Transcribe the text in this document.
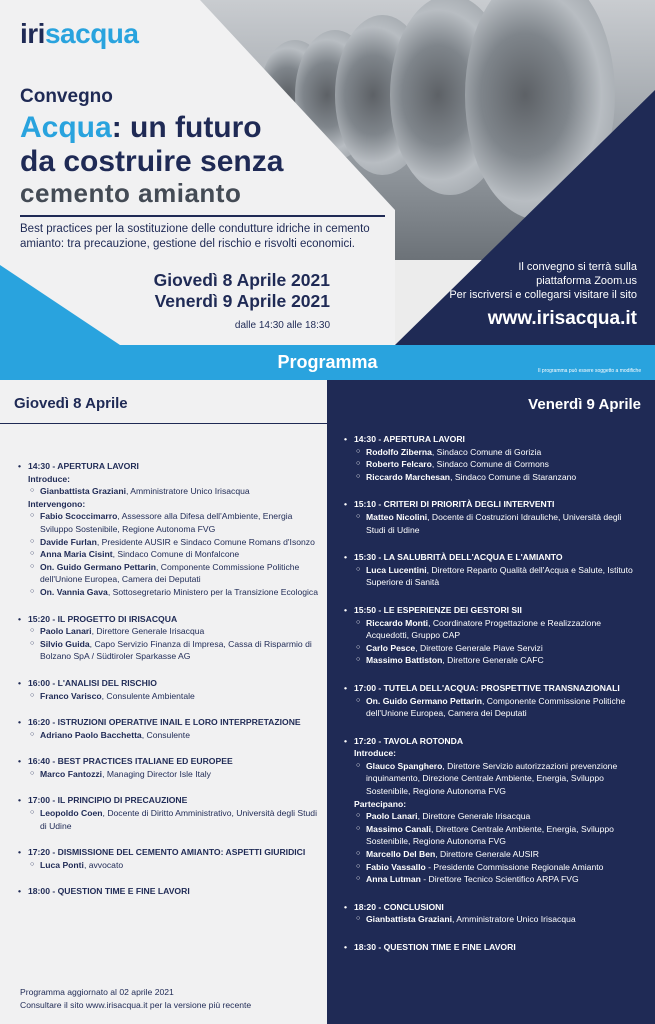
irisacqua
Convegno
Acqua: un futuro
da costruire senza
cemento amianto
Best practices per la sostituzione delle condutture idriche in cemento amianto: tra precauzione, gestione del rischio e risvolti economici.
Giovedì 8 Aprile 2021
Venerdì 9 Aprile 2021
dalle 14:30 alle 18:30
Il convegno si terrà sulla
piattaforma Zoom.us
Per iscriversi e collegarsi visitare il sito
www.irisacqua.it
Programma	Il programma può essere soggetto a modifiche
Giovedì 8 Aprile	Venerdì 9 Aprile
• 14:30 - APERTURA LAVORI
Introduce:
○ Gianbattista Graziani, Amministratore Unico Irisacqua
Intervengono:
○ Fabio Scoccimarro, Assessore alla Difesa dell'Ambiente, Energia Sviluppo Sostenibile, Regione Autonoma FVG
○ Davide Furlan, Presidente AUSIR e Sindaco Comune Romans d'Isonzo
○ Anna Maria Cisint, Sindaco Comune di Monfalcone
○ On. Guido Germano Pettarin, Componente Commissione Politiche dell'Unione Europea, Camera dei Deputati
○ On. Vannia Gava, Sottosegretario Ministero per la Transizione Ecologica
• 15:20 - IL PROGETTO DI IRISACQUA
○ Paolo Lanari, Direttore Generale Irisacqua
○ Silvio Guida, Capo Servizio Finanza di Impresa, Cassa di Risparmio di Bolzano SpA / Südtiroler Sparkasse AG
• 16:00 - L'ANALISI DEL RISCHIO
○ Franco Varisco, Consulente Ambientale
• 16:20 - ISTRUZIONI OPERATIVE INAIL E LORO INTERPRETAZIONE
○ Adriano Paolo Bacchetta, Consulente
• 16:40 - BEST PRACTICES ITALIANE ED EUROPEE
○ Marco Fantozzi, Managing Director Isle Italy
• 17:00 - IL PRINCIPIO DI PRECAUZIONE
○ Leopoldo Coen, Docente di Diritto Amministrativo, Università degli Studi di Udine
• 17:20 - DISMISSIONE DEL CEMENTO AMIANTO: ASPETTI GIURIDICI
○ Luca Ponti, avvocato
• 18:00 - QUESTION TIME E FINE LAVORI
• 14:30 - APERTURA LAVORI
○ Rodolfo Ziberna, Sindaco Comune di Gorizia
○ Roberto Felcaro, Sindaco Comune di Cormons
○ Riccardo Marchesan, Sindaco Comune di Staranzano
• 15:10 - CRITERI DI PRIORITÀ DEGLI INTERVENTI
○ Matteo Nicolini, Docente di Costruzioni Idrauliche, Università degli Studi di Udine
• 15:30 - LA SALUBRITÀ DELL'ACQUA E L'AMIANTO
○ Luca Lucentini, Direttore Reparto Qualità dell'Acqua e Salute, Istituto Superiore di Sanità
• 15:50 - LE ESPERIENZE DEI GESTORI SII
○ Riccardo Monti, Coordinatore Progettazione e Realizzazione Acquedotti, Gruppo CAP
○ Carlo Pesce, Direttore Generale Piave Servizi
○ Massimo Battiston, Direttore Generale CAFC
• 17:00 - TUTELA DELL'ACQUA: PROSPETTIVE TRANSNAZIONALI
○ On. Guido Germano Pettarin, Componente Commissione Politiche dell'Unione Europea, Camera dei Deputati
• 17:20 - TAVOLA ROTONDA
Introduce:
○ Glauco Spanghero, Direttore Servizio autorizzazioni prevenzione inquinamento, Direzione Centrale Ambiente, Energia, Sviluppo Sostenibile, Regione Autonoma FVG
Partecipano:
○ Paolo Lanari, Direttore Generale Irisacqua
○ Massimo Canali, Direttore Centrale Ambiente, Energia, Sviluppo Sostenibile, Regione Autonoma FVG
○ Marcello Del Ben, Direttore Generale AUSIR
○ Fabio Vassallo - Presidente Commissione Regionale Amianto
○ Anna Lutman - Direttore Tecnico Scientifico ARPA FVG
• 18:20 - CONCLUSIONI
○ Gianbattista Graziani, Amministratore Unico Irisacqua
• 18:30 - QUESTION TIME E FINE LAVORI
Programma aggiornato al 02 aprile 2021
Consultare il sito www.irisacqua.it per la versione più recente
